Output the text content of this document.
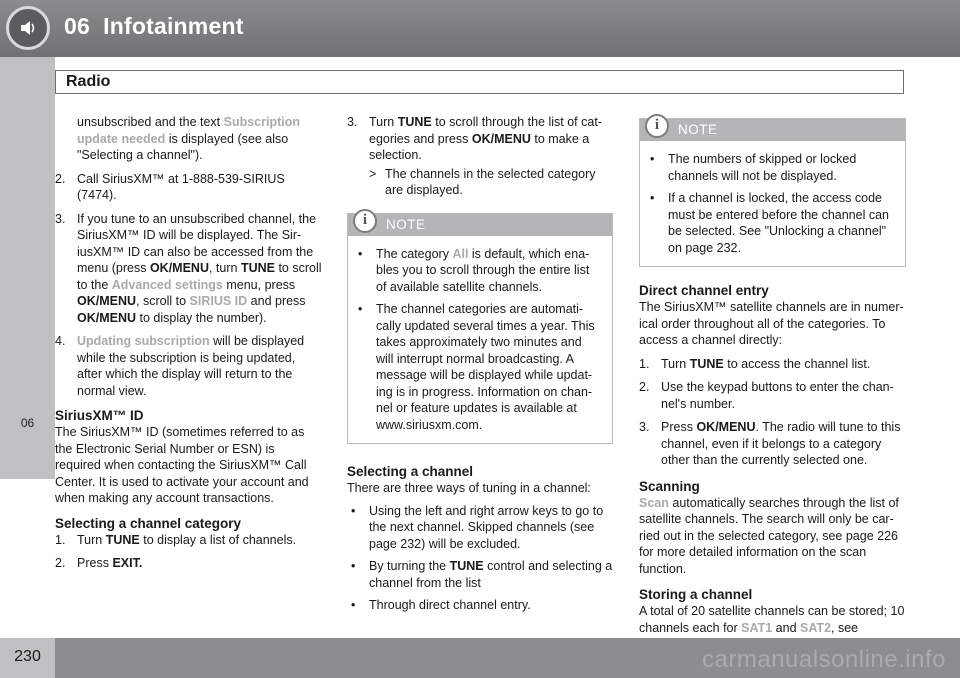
06 Infotainment
Radio
06

unsubscribed and the text Subscription update needed is displayed (see also "Selecting a channel").

2. Call SiriusXM™ at 1-888-539-SIRIUS (7474).
3. If you tune to an unsubscribed channel, the SiriusXM™ ID will be displayed. The Sir-iusXM™ ID can also be accessed from the menu (press OK/MENU, turn TUNE to scroll to the Advanced settings menu, press OK/MENU, scroll to SIRIUS ID and press OK/MENU to display the number).
4. Updating subscription will be displayed while the subscription is being updated, after which the display will return to the normal view.
SiriusXM™ ID

The SiriusXM™ ID (sometimes referred to as the Electronic Serial Number or ESN) is required when contacting the SiriusXM™ Call Center. It is used to activate your account and when making any account transactions.

Selecting a channel category
1. Turn TUNE to display a list of channels.
2. Press EXIT.
3. Turn TUNE to scroll through the list of cat-egories and press OK/MENU to make a selection.
> The channels in the selected category are displayed.
i	NOTE
• The category All is default, which ena-bles you to scroll through the entire list of available satellite channels.
• The channel categories are automati-cally updated several times a year. This takes approximately two minutes and will interrupt normal broadcasting. A message will be displayed while updat-ing is in progress. Information on chan-nel or feature updates is available at www.siriusxm.com.
Selecting a channel

There are three ways of tuning in a channel:

• Using the left and right arrow keys to go to the next channel. Skipped channels (see page 232) will be excluded.
• By turning the TUNE control and selecting a channel from the list
• Through direct channel entry.
i	NOTE
• The numbers of skipped or locked channels will not be displayed.
• If a channel is locked, the access code must be entered before the channel can be selected. See "Unlocking a channel" on page 232.
Direct channel entry

The SiriusXM™ satellite channels are in numer-ical order throughout all of the categories. To access a channel directly:

1. Turn TUNE to access the channel list.
2. Use the keypad buttons to enter the chan-nel's number.
3. Press OK/MENU. The radio will tune to this channel, even if it belongs to a category other than the currently selected one.
Scanning

Scan automatically searches through the list of satellite channels. The search will only be car-ried out in the selected category, see page 226 for more detailed information on the scan function.

Storing a channel

A total of 20 satellite channels can be stored; 10 channels each for SAT1 and SAT2, see

230	carmanualsonline.info
